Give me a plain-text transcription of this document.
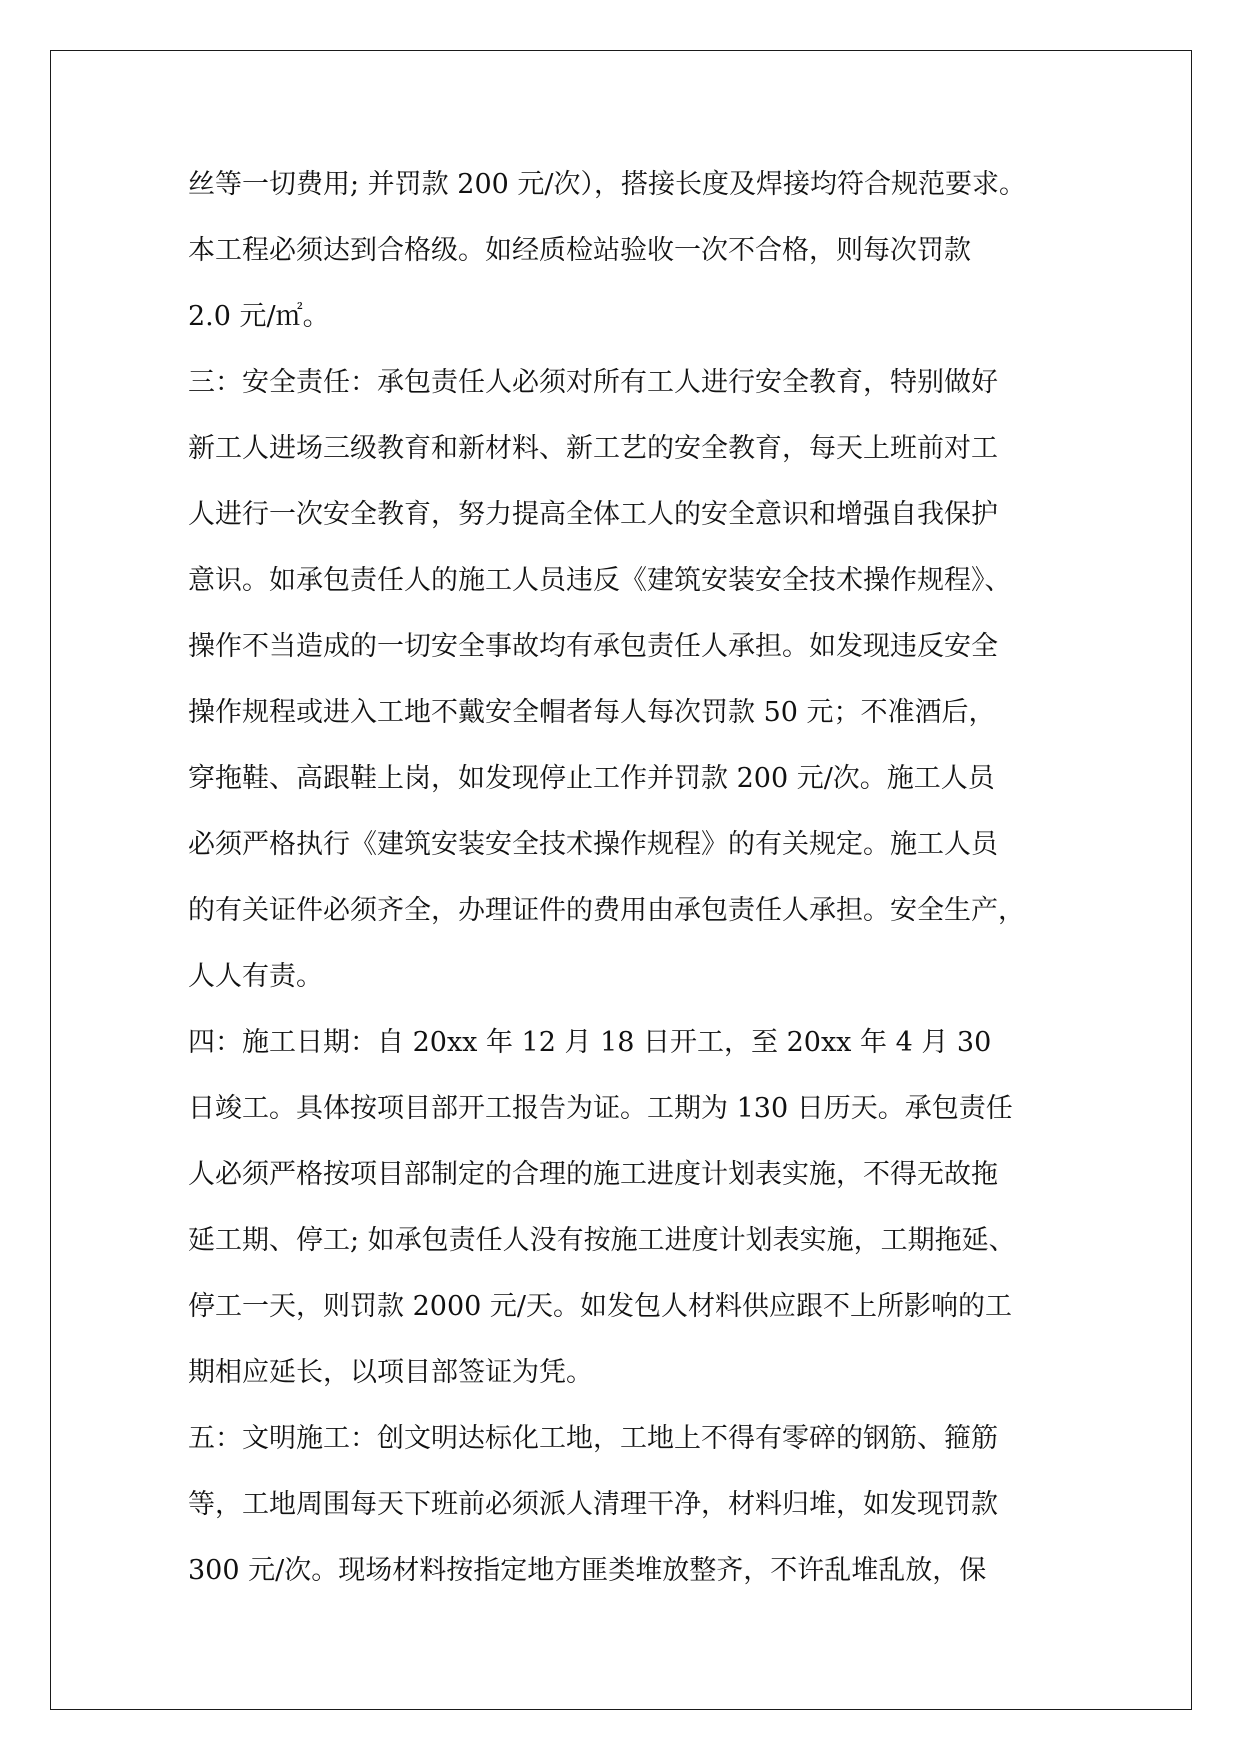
丝等一切费用; 并罚款 200 元/次），搭接长度及焊接均符合规范要求。

本工程必须达到合格级。如经质检站验收一次不合格，则每次罚款

2.0 元/㎡。

三：安全责任：承包责任人必须对所有工人进行安全教育，特别做好

新工人进场三级教育和新材料、新工艺的安全教育，每天上班前对工

人进行一次安全教育，努力提高全体工人的安全意识和增强自我保护

意识。如承包责任人的施工人员违反《建筑安装安全技术操作规程》、

操作不当造成的一切安全事故均有承包责任人承担。如发现违反安全

操作规程或进入工地不戴安全帽者每人每次罚款 50 元；不准酒后，

穿拖鞋、高跟鞋上岗，如发现停止工作并罚款 200 元/次。施工人员

必须严格执行《建筑安装安全技术操作规程》的有关规定。施工人员

的有关证件必须齐全，办理证件的费用由承包责任人承担。安全生产，

人人有责。

四：施工日期：自 20xx 年 12 月 18 日开工，至 20xx 年 4 月 30

日竣工。具体按项目部开工报告为证。工期为 130 日历天。承包责任

人必须严格按项目部制定的合理的施工进度计划表实施，不得无故拖

延工期、停工; 如承包责任人没有按施工进度计划表实施，工期拖延、

停工一天，则罚款 2000 元/天。如发包人材料供应跟不上所影响的工

期相应延长，以项目部签证为凭。

五：文明施工：创文明达标化工地，工地上不得有零碎的钢筋、箍筋

等，工地周围每天下班前必须派人清理干净，材料归堆，如发现罚款

300 元/次。现场材料按指定地方匪类堆放整齐，不许乱堆乱放，保
